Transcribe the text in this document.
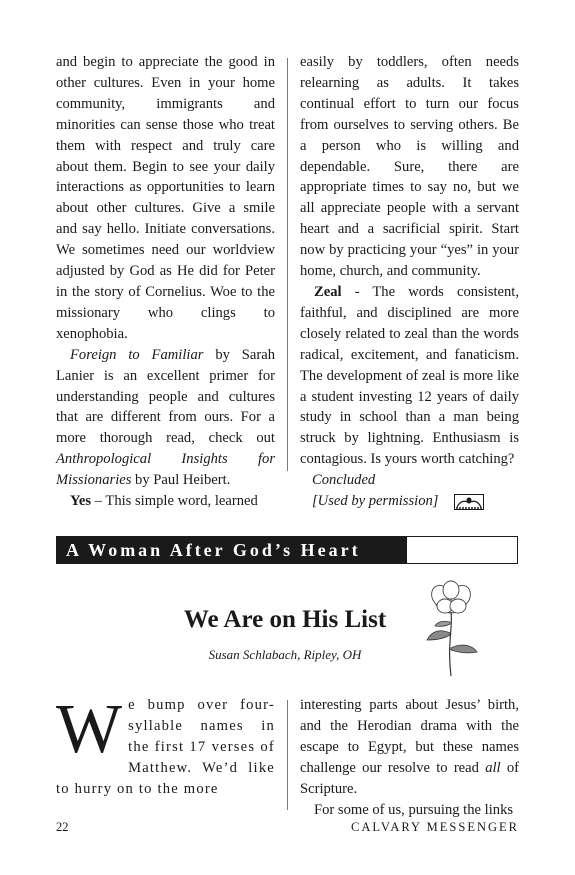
and begin to appreciate the good in other cultures. Even in your home community, immigrants and minorities can sense those who treat them with respect and truly care about them. Begin to see your daily interactions as opportunities to learn about other cultures. Give a smile and say hello. Initiate conversations. We sometimes need our worldview adjusted by God as He did for Peter in the story of Cornelius. Woe to the missionary who clings to xenophobia.

Foreign to Familiar by Sarah Lanier is an excellent primer for understanding people and cultures that are different from ours. For a more thorough read, check out Anthropological Insights for Missionaries by Paul Heibert.

Yes – This simple word, learned

easily by toddlers, often needs relearning as adults. It takes continual effort to turn our focus from ourselves to serving others. Be a person who is willing and dependable. Sure, there are appropriate times to say no, but we all appreciate people with a servant heart and a sacrificial spirit. Start now by practicing your “yes” in your home, church, and community.

Zeal - The words consistent, faithful, and disciplined are more closely related to zeal than the words radical, excitement, and fanaticism. The development of zeal is more like a student investing 12 years of daily study in school than a man being struck by lightning. Enthusiasm is contagious. Is yours worth catching?

Concluded

[Used by permission]

A Woman After God’s Heart
We Are on His List
Susan Schlabach, Ripley, OH

We bump over four-syllable names in the first 17 verses of Matthew. We’d like to hurry on to the more

interesting parts about Jesus’ birth, and the Herodian drama with the escape to Egypt, but these names challenge our resolve to read all of Scripture.

For some of us, pursuing the links

22	CALVARY MESSENGER
